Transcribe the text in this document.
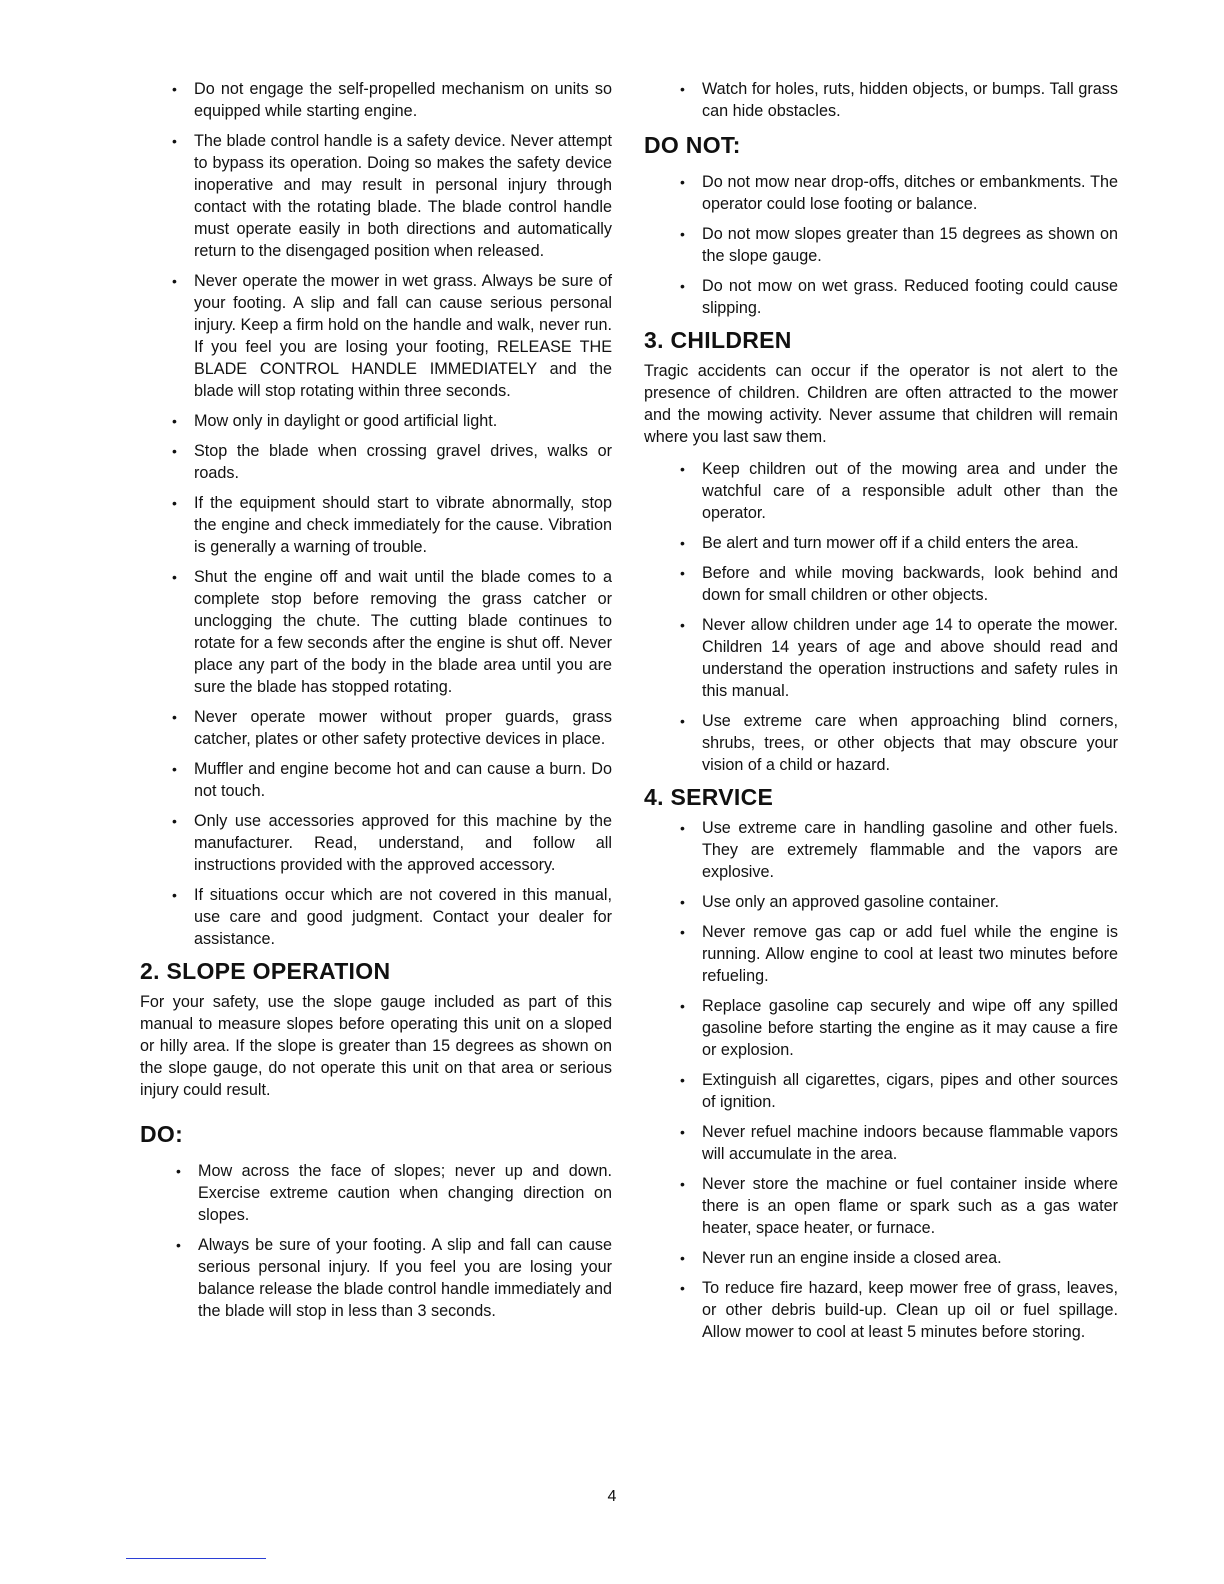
• Do not engage the self-propelled mechanism on units so equipped while starting engine.
• The blade control handle is a safety device. Never attempt to bypass its operation. Doing so makes the safety device inoperative and may result in personal injury through contact with the rotating blade. The blade control handle must operate easily in both directions and automatically return to the disengaged position when released.
• Never operate the mower in wet grass. Always be sure of your footing. A slip and fall can cause serious personal injury. Keep a firm hold on the handle and walk, never run. If you feel you are losing your footing, RELEASE THE BLADE CONTROL HANDLE IMMEDIATELY and the blade will stop rotating within three seconds.
• Mow only in daylight or good artificial light.
• Stop the blade when crossing gravel drives, walks or roads.
• If the equipment should start to vibrate abnormally, stop the engine and check immediately for the cause. Vibration is generally a warning of trouble.
• Shut the engine off and wait until the blade comes to a complete stop before removing the grass catcher or unclogging the chute. The cutting blade continues to rotate for a few seconds after the engine is shut off. Never place any part of the body in the blade area until you are sure the blade has stopped rotating.
• Never operate mower without proper guards, grass catcher, plates or other safety protective devices in place.
• Muffler and engine become hot and can cause a burn. Do not touch.
• Only use accessories approved for this machine by the manufacturer. Read, understand, and follow all instructions provided with the approved accessory.
• If situations occur which are not covered in this manual, use care and good judgment. Contact your dealer for assistance.
2. SLOPE OPERATION

For your safety, use the slope gauge included as part of this manual to measure slopes before operating this unit on a sloped or hilly area. If the slope is greater than 15 degrees as shown on the slope gauge, do not operate this unit on that area or serious injury could result.

DO:
• Mow across the face of slopes; never up and down. Exercise extreme caution when changing direction on slopes.
• Always be sure of your footing. A slip and fall can cause serious personal injury. If you feel you are losing your balance release the blade control handle immediately and the blade will stop in less than 3 seconds.
• Watch for holes, ruts, hidden objects, or bumps. Tall grass can hide obstacles.
DO NOT:
• Do not mow near drop-offs, ditches or embankments. The operator could lose footing or balance.
• Do not mow slopes greater than 15 degrees as shown on the slope gauge.
• Do not mow on wet grass. Reduced footing could cause slipping.
3. CHILDREN

Tragic accidents can occur if the operator is not alert to the presence of children. Children are often attracted to the mower and the mowing activity. Never assume that children will remain where you last saw them.

• Keep children out of the mowing area and under the watchful care of a responsible adult other than the operator.
• Be alert and turn mower off if a child enters the area.
• Before and while moving backwards, look behind and down for small children or other objects.
• Never allow children under age 14 to operate the mower. Children 14 years of age and above should read and understand the operation instructions and safety rules in this manual.
• Use extreme care when approaching blind corners, shrubs, trees, or other objects that may obscure your vision of a child or hazard.
4. SERVICE
• Use extreme care in handling gasoline and other fuels. They are extremely flammable and the vapors are explosive.
• Use only an approved gasoline container.
• Never remove gas cap or add fuel while the engine is running. Allow engine to cool at least two minutes before refueling.
• Replace gasoline cap securely and wipe off any spilled gasoline before starting the engine as it may cause a fire or explosion.
• Extinguish all cigarettes, cigars, pipes and other sources of ignition.
• Never refuel machine indoors because flammable vapors will accumulate in the area.
• Never store the machine or fuel container inside where there is an open flame or spark such as a gas water heater, space heater, or furnace.
• Never run an engine inside a closed area.
• To reduce fire hazard, keep mower free of grass, leaves, or other debris build-up. Clean up oil or fuel spillage. Allow mower to cool at least 5 minutes before storing.
4
